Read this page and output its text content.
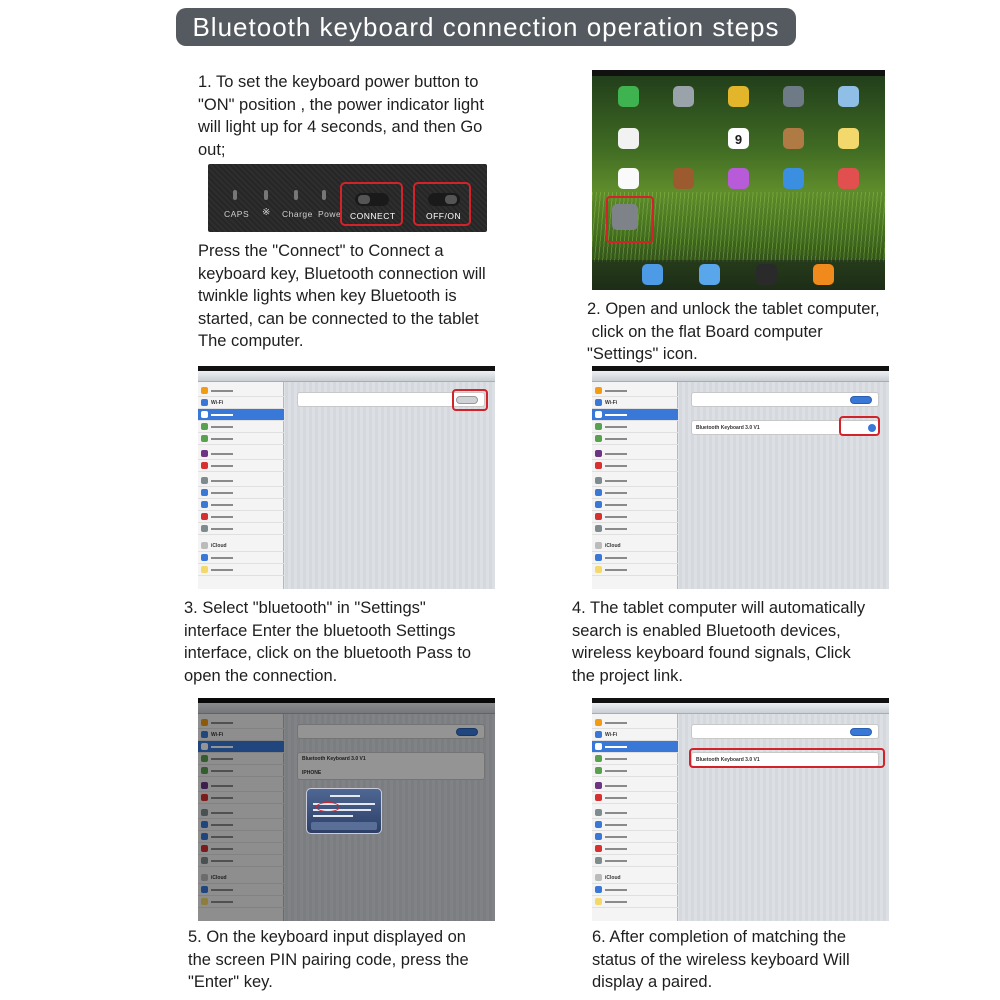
Bluetooth keyboard connection operation steps
1. To set the keyboard power button to
"ON" position , the power indicator light
will light up for 4 seconds, and then Go
out;
CAPS ※ Charge Powe CONNECT	OFF/ON
Press the "Connect" to Connect a
keyboard key, Bluetooth connection will
twinkle lights when key Bluetooth is
started, can be connected to the tablet
The computer.
9
2. Open and unlock the tablet computer,
click on the flat Board computer
"Settings" icon.
Wi-Fi
iCloud
Wi-Fi
iCloud
Bluetooth Keyboard 3.0 V1
3. Select "bluetooth" in "Settings"
interface Enter the bluetooth Settings
interface, click on the bluetooth Pass to
open the connection.
4. The tablet computer will automatically
search is enabled Bluetooth devices,
wireless keyboard found signals, Click
the project link.
Wi-Fi
iCloud
Bluetooth Keyboard 3.0 V1
IPHONE
Wi-Fi
iCloud
Bluetooth Keyboard 3.0 V1
5. On the keyboard input displayed on
the screen PIN pairing code, press the
"Enter" key.
6. After completion of matching the
status of the wireless keyboard Will
display a paired.
